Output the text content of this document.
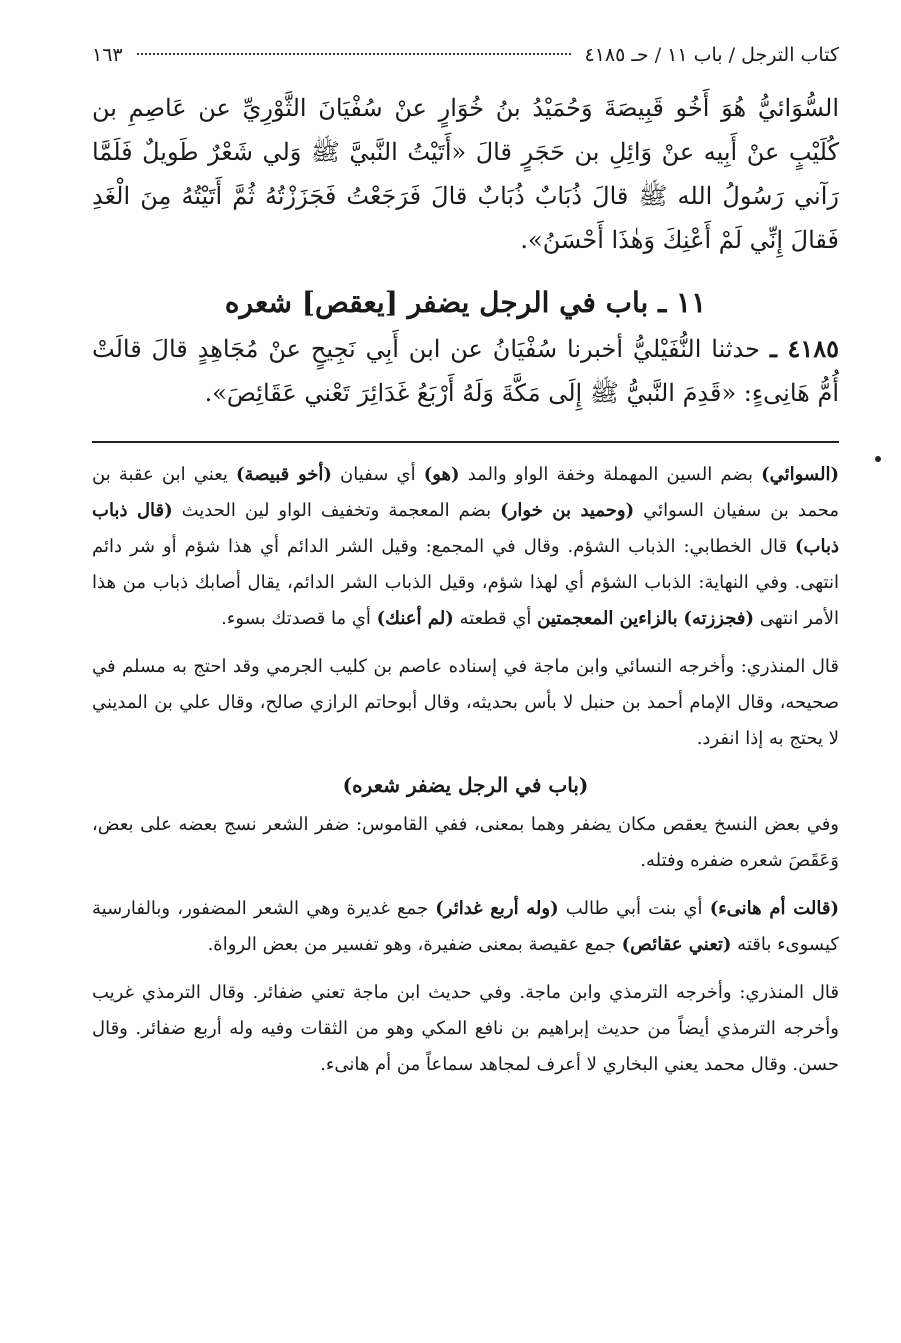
كتاب الترجل / باب ١١ / حـ ٤١٨٥
١٦٣

السُّوَائيُّ هُوَ أَخُو قَبِيصَةَ وَحُمَيْدُ بنُ خُوَارٍ عنْ سُفْيَانَ الثَّوْرِيِّ عن عَاصِمِ بن كُلَيْبٍ عنْ أَبِيه عنْ وَائِلِ بن حَجَرٍ قالَ «أَتَيْتُ النَّبيَّ ﷺ وَلي شَعْرٌ طَويلٌ فَلَمَّا رَآني رَسُولُ الله ﷺ قالَ ذُبَابٌ ذُبَابٌ قالَ فَرَجَعْتُ فَجَزَزْتُهُ ثُمَّ أَتَيْتُهُ مِنَ الْغَدِ فَقالَ إِنِّي لَمْ أَعْنِكَ وَهٰذَا أَحْسَنُ».

١١ ـ باب في الرجل يضفر [يعقص] شعره

٤١٨٥ ـ حدثنا النُّفَيْليُّ أخبرنا سُفْيَانُ عن ابن أَبِي نَجِيحٍ عنْ مُجَاهِدٍ قالَ قالَتْ أُمُّ هَانِىءٍ: «قَدِمَ النَّبيُّ ﷺ إِلَى مَكَّةَ وَلَهُ أَرْبَعُ غَدَائِرَ تَعْني عَقَائِصَ».

(السوائي) بضم السين المهملة وخفة الواو والمد (هو) أي سفيان (أخو قبيصة) يعني ابن عقبة بن محمد بن سفيان السوائي (وحميد بن خوار) بضم المعجمة وتخفيف الواو لين الحديث (قال ذباب ذباب) قال الخطابي: الذباب الشؤم. وقال في المجمع: وقيل الشر الدائم أي هذا شؤم أو شر دائم انتهى. وفي النهاية: الذباب الشؤم أي لهذا شؤم، وقيل الذباب الشر الدائم، يقال أصابك ذباب من هذا الأمر انتهى (فجززته) بالزاءين المعجمتين أي قطعته (لم أعنك) أي ما قصدتك بسوء.
قال المنذري: وأخرجه النسائي وابن ماجة في إسناده عاصم بن كليب الجرمي وقد احتج به مسلم في صحيحه، وقال الإمام أحمد بن حنبل لا بأس بحديثه، وقال أبوحاتم الرازي صالح، وقال علي بن المديني لا يحتج به إذا انفرد.
(باب في الرجل يضفر شعره)
وفي بعض النسخ يعقص مكان يضفر وهما بمعنى، ففي القاموس: ضفر الشعر نسج بعضه على بعض، وَعَقَصَ شعره ضفره وفتله.
(قالت أم هانىء) أي بنت أبي طالب (وله أربع غدائر) جمع غديرة وهي الشعر المضفور، وبالفارسية كيسوىء باقته (تعني عقائص) جمع عقيصة بمعنى ضفيرة، وهو تفسير من بعض الرواة.
قال المنذري: وأخرجه الترمذي وابن ماجة. وفي حديث ابن ماجة تعني ضفائر. وقال الترمذي غريب وأخرجه الترمذي أيضاً من حديث إبراهيم بن نافع المكي وهو من الثقات وفيه وله أربع ضفائر. وقال حسن. وقال محمد يعني البخاري لا أعرف لمجاهد سماعاً من أم هانىء.
